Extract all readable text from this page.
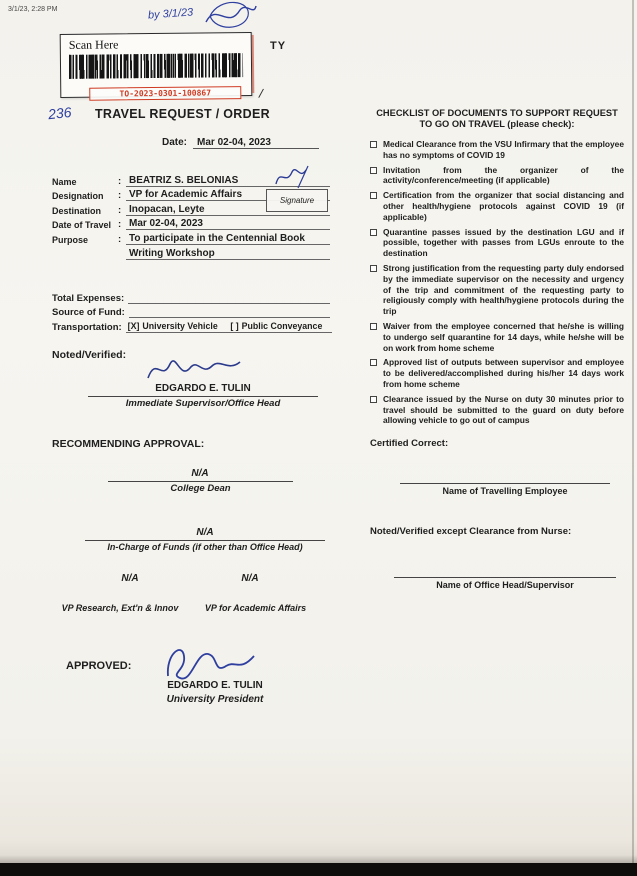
3/1/23, 2:28 PM	by 3/1/23
Scan Here
TO-2023-0301-100867	/
TY
236 TRAVEL REQUEST / ORDER
Date: Mar 02-04, 2023
Name	: BEATRIZ S. BELONIAS
Designation	: VP for Academic Affairs
Destination	: Inopacan, Leyte
Date of Travel : Mar 02-04, 2023
Purpose	: To participate in the Centennial Book
Writing Workshop
Signature
Total Expenses:
Source of Fund:
Transportation: [X] University Vehicle [ ] Public Conveyance
Noted/Verified:
EDGARDO E. TULIN
Immediate Supervisor/Office Head
RECOMMENDING APPROVAL:
N/A
College Dean
N/A
In-Charge of Funds (if other than Office Head)
N/A	N/A
VP Research, Ext'n & Innov	VP for Academic Affairs
APPROVED:
EDGARDO E. TULIN
University President
CHECKLIST OF DOCUMENTS TO SUPPORT REQUEST
TO GO ON TRAVEL (please check):
Medical Clearance from the VSU Infirmary that the employee has no symptoms of COVID 19
Invitation from the organizer of the activity/conference/meeting (if applicable)
Certification from the organizer that social distancing and other health/hygiene protocols against COVID 19 (if applicable)
Quarantine passes issued by the destination LGU and if possible, together with passes from LGUs enroute to the destination
Strong justification from the requesting party duly endorsed by the immediate supervisor on the necessity and urgency of the trip and commitment of the requesting party to religiously comply with health/hygiene protocols during the trip
Waiver from the employee concerned that he/she is willing to undergo self quarantine for 14 days, while he/she will be on work from home scheme
Approved list of outputs between supervisor and employee to be delivered/accomplished during his/her 14 days work from home scheme
Clearance issued by the Nurse on duty 30 minutes prior to travel should be submitted to the guard on duty before allowing vehicle to go out of campus
Certified Correct:
Name of Travelling Employee
Noted/Verified except Clearance from Nurse:
Name of Office Head/Supervisor
